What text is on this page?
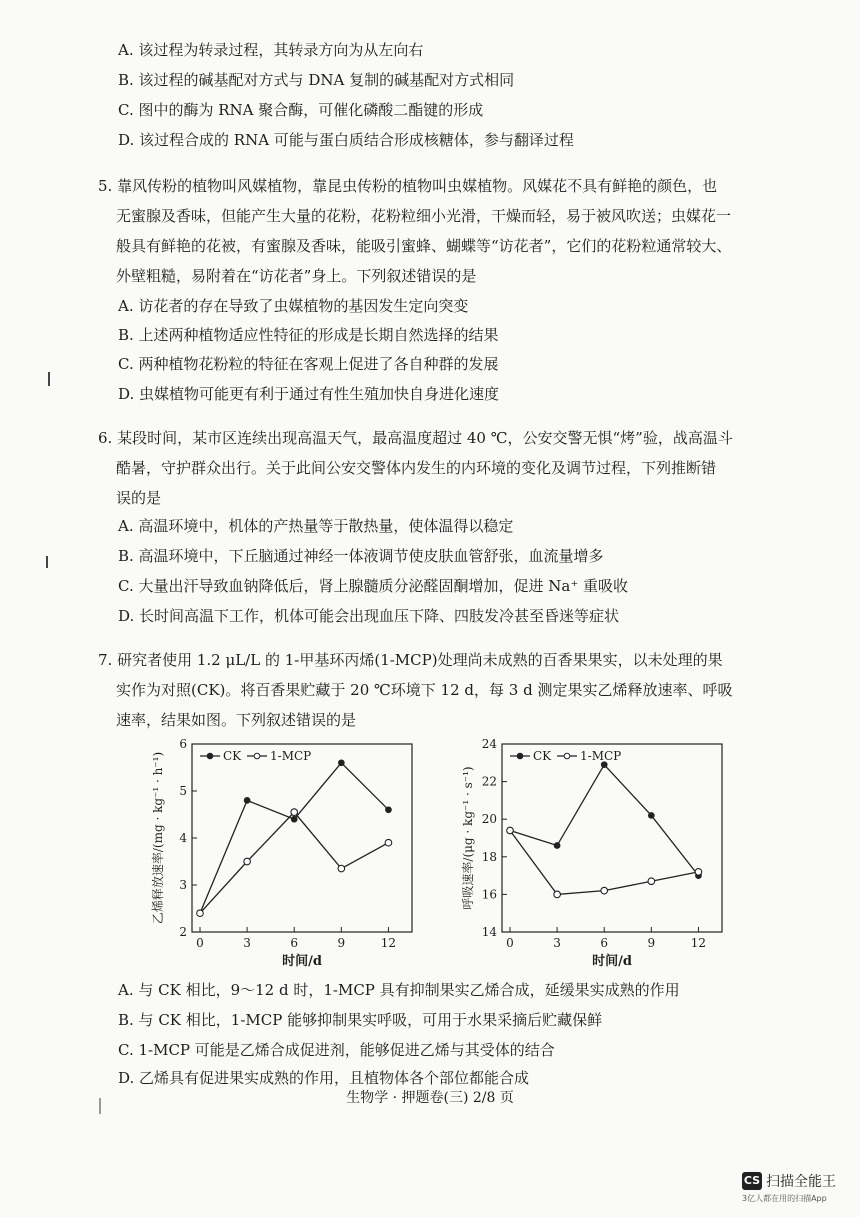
A. 该过程为转录过程，其转录方向为从左向右
B. 该过程的碱基配对方式与 DNA 复制的碱基配对方式相同
C. 图中的酶为 RNA 聚合酶，可催化磷酸二酯键的形成
D. 该过程合成的 RNA 可能与蛋白质结合形成核糖体，参与翻译过程
5. 靠风传粉的植物叫风媒植物，靠昆虫传粉的植物叫虫媒植物。风媒花不具有鲜艳的颜色，也
无蜜腺及香味，但能产生大量的花粉，花粉粒细小光滑，干燥而轻，易于被风吹送；虫媒花一
般具有鲜艳的花被，有蜜腺及香味，能吸引蜜蜂、蝴蝶等“访花者”，它们的花粉粒通常较大、
外壁粗糙，易附着在“访花者”身上。下列叙述错误的是
A. 访花者的存在导致了虫媒植物的基因发生定向突变
B. 上述两种植物适应性特征的形成是长期自然选择的结果
C. 两种植物花粉粒的特征在客观上促进了各自种群的发展
D. 虫媒植物可能更有利于通过有性生殖加快自身进化速度
6. 某段时间，某市区连续出现高温天气，最高温度超过 40 ℃，公安交警无惧“烤”验，战高温斗
酷暑，守护群众出行。关于此间公安交警体内发生的内环境的变化及调节过程，下列推断错
误的是
A. 高温环境中，机体的产热量等于散热量，使体温得以稳定
B. 高温环境中，下丘脑通过神经一体液调节使皮肤血管舒张，血流量增多
C. 大量出汗导致血钠降低后，肾上腺髓质分泌醛固酮增加，促进 Na⁺ 重吸收
D. 长时间高温下工作，机体可能会出现血压下降、四肢发冷甚至昏迷等症状
7. 研究者使用 1.2 μL/L 的 1-甲基环丙烯(1-MCP)处理尚未成熟的百香果果实，以未处理的果
实作为对照(CK)。将百香果贮藏于 20 ℃环境下 12 d，每 3 d 测定果实乙烯释放速率、呼吸
速率，结果如图。下列叙述错误的是
2
3
4
5
6
0	3	6	9	12
时间/d
乙烯释放速率/(mg · kg⁻¹ · h⁻¹)	CK 1-MCP
14
16
18
20
22
24
0	3	6	9	12
时间/d
呼吸速率/(μg · kg⁻¹ · s⁻¹)
CK 1-MCP
A. 与 CK 相比，9～12 d 时，1-MCP 具有抑制果实乙烯合成，延缓果实成熟的作用
B. 与 CK 相比，1-MCP 能够抑制果实呼吸，可用于水果采摘后贮藏保鲜
C. 1-MCP 可能是乙烯合成促进剂，能够促进乙烯与其受体的结合
D. 乙烯具有促进果实成熟的作用，且植物体各个部位都能合成
生物学 · 押题卷(三) 2/8 页
CS 扫描全能王
3亿人都在用的扫描App
